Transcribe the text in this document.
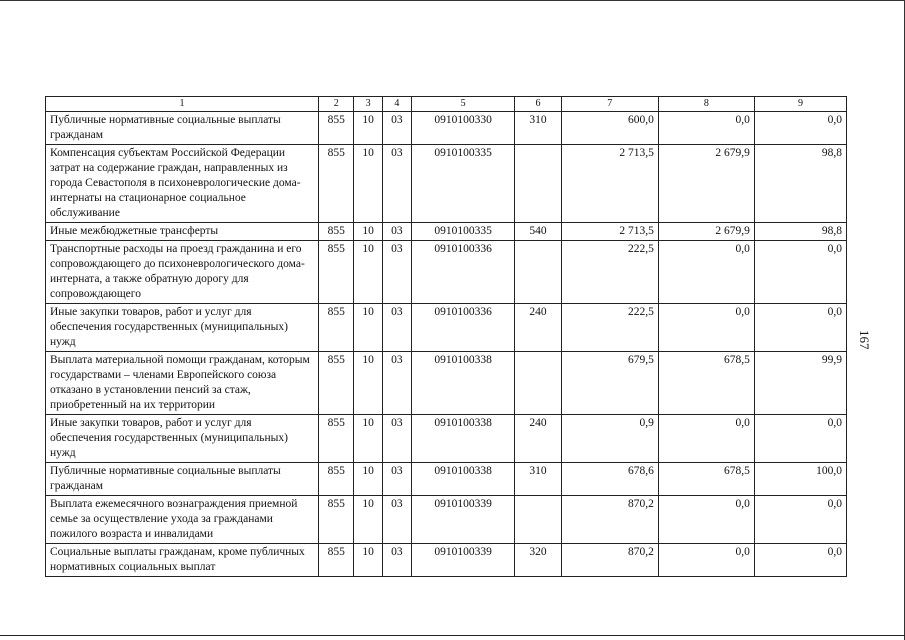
167
1	2	3	4	5	6	7	8	9
Публичные нормативные социальные выплаты гражданам	855	10	03	0910100330	310	600,0	0,0	0,0
Компенсация субъектам Российской Федерации затрат на содержание граждан, направленных из города Севастополя в психоневрологические дома-интернаты на стационарное социальное обслуживание	855	10	03	0910100335		2 713,5	2 679,9	98,8
Иные межбюджетные трансферты	855	10	03	0910100335	540	2 713,5	2 679,9	98,8
Транспортные расходы на проезд гражданина и его сопровождающего до психоневрологического дома-интерната, а также обратную дорогу для сопровождающего	855	10	03	0910100336		222,5	0,0	0,0
Иные закупки товаров, работ и услуг для обеспечения государственных (муниципальных) нужд	855	10	03	0910100336	240	222,5	0,0	0,0
Выплата материальной помощи гражданам, которым государствами – членами Европейского союза отказано в установлении пенсий за стаж, приобретенный на их территории	855	10	03	0910100338		679,5	678,5	99,9
Иные закупки товаров, работ и услуг для обеспечения государственных (муниципальных) нужд	855	10	03	0910100338	240	0,9	0,0	0,0
Публичные нормативные социальные выплаты гражданам	855	10	03	0910100338	310	678,6	678,5	100,0
Выплата ежемесячного вознаграждения приемной семье за осуществление ухода за гражданами пожилого возраста и инвалидами	855	10	03	0910100339		870,2	0,0	0,0
Социальные выплаты гражданам, кроме публичных нормативных социальных выплат	855	10	03	0910100339	320	870,2	0,0	0,0
